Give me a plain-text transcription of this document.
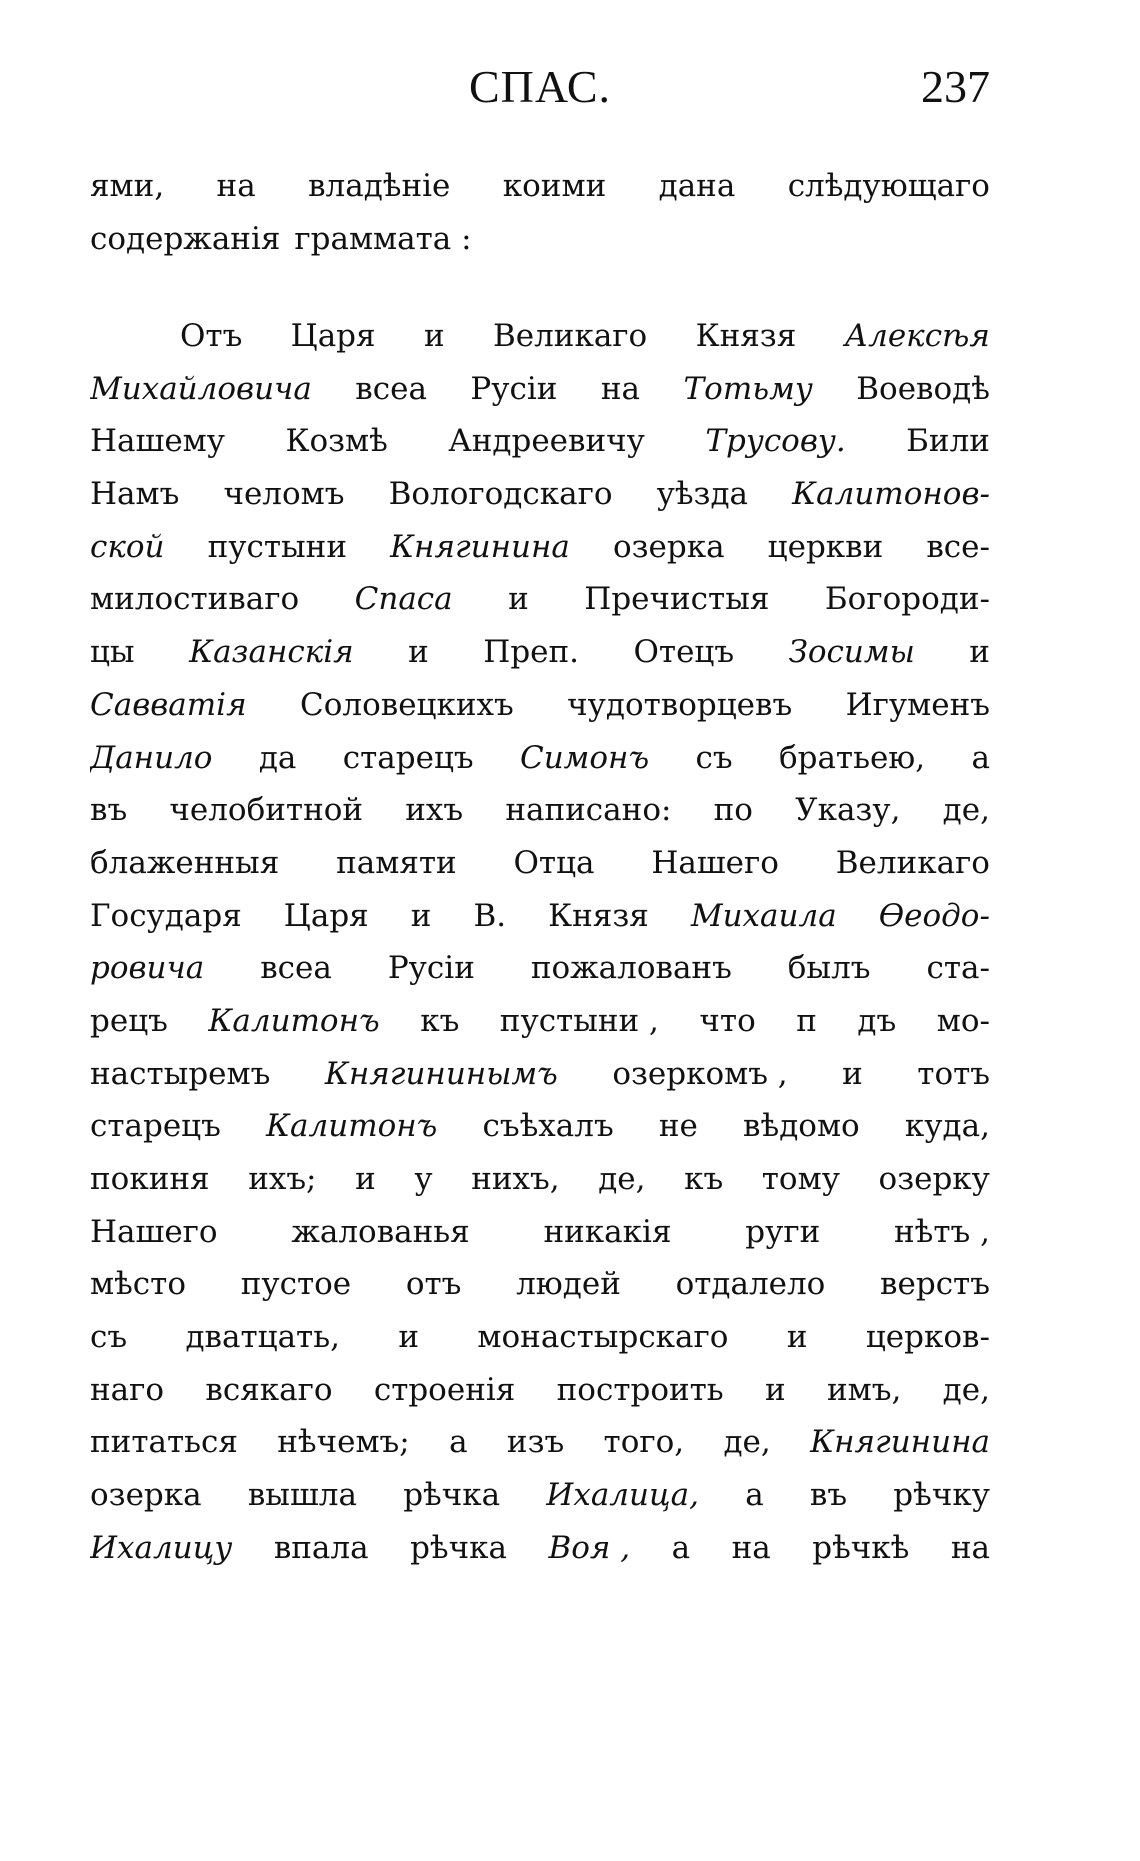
СПАС.	237
ями, на владѣніе коими дана слѣдующаго
содержанія граммата :
Отъ Царя и Великаго Князя Алексѣя
Михайловича всеа Русіи на Тотьму Воеводѣ
Нашему Козмѣ Андреевичу Трусову. Били
Намъ челомъ Вологодскаго уѣзда Калитонов-
ской пустыни Княгинина озерка церкви все-
милостиваго Спаса и Пречистыя Богороди-
цы Казанскія и Преп. Отецъ Зосимы и
Савватія Соловецкихъ чудотворцевъ Игуменъ
Данило да старецъ Симонъ съ братьею, а
въ челобитной ихъ написано: по Указу, де,
блаженныя памяти Отца Нашего Великаго
Государя Царя и В. Князя Михаила Өеодо-
ровича всеа Русіи пожалованъ былъ ста-
рецъ Калитонъ къ пустыни , что п дъ мо-
настыремъ Княгининымъ озеркомъ , и тотъ
старецъ Калитонъ съѣхалъ не вѣдомо куда,
покиня ихъ; и у нихъ, де, къ тому озерку
Нашего жалованья никакія руги нѣтъ ,
мѣсто пустое отъ людей отдалело верстъ
съ дватцать, и монастырскаго и церков-
наго всякаго строенія построить и имъ, де,
питаться нѣчемъ; а изъ того, де, Княгинина
озерка вышла рѣчка Ихалица, а въ рѣчку
Ихалицу впала рѣчка Воя , а на рѣчкѣ на
